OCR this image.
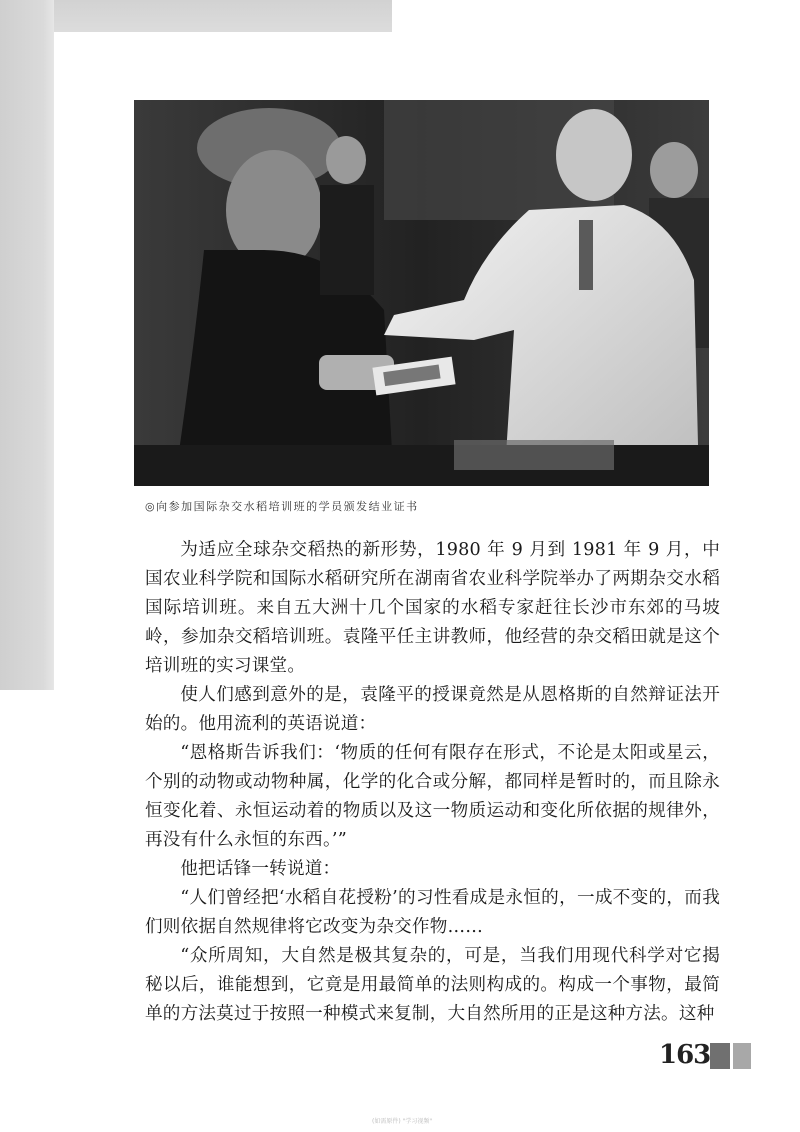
◎向参加国际杂交水稻培训班的学员颁发结业证书

为适应全球杂交稻热的新形势，1980 年 9 月到 1981 年 9 月，中国农业科学院和国际水稻研究所在湖南省农业科学院举办了两期杂交水稻国际培训班。来自五大洲十几个国家的水稻专家赶往长沙市东郊的马坡岭，参加杂交稻培训班。袁隆平任主讲教师，他经营的杂交稻田就是这个培训班的实习课堂。

使人们感到意外的是，袁隆平的授课竟然是从恩格斯的自然辩证法开始的。他用流利的英语说道：

“恩格斯告诉我们：‘物质的任何有限存在形式，不论是太阳或星云，个别的动物或动物种属，化学的化合或分解，都同样是暂时的，而且除永恒变化着、永恒运动着的物质以及这一物质运动和变化所依据的规律外，再没有什么永恒的东西。’”

他把话锋一转说道：

“人们曾经把‘水稻自花授粉’的习性看成是永恒的，一成不变的，而我们则依据自然规律将它改变为杂交作物……

“众所周知，大自然是极其复杂的，可是，当我们用现代科学对它揭秘以后，谁能想到，它竟是用最简单的法则构成的。构成一个事物，最简单的方法莫过于按照一种模式来复制，大自然所用的正是这种方法。这种

163
(如需原件) "学习视频"
